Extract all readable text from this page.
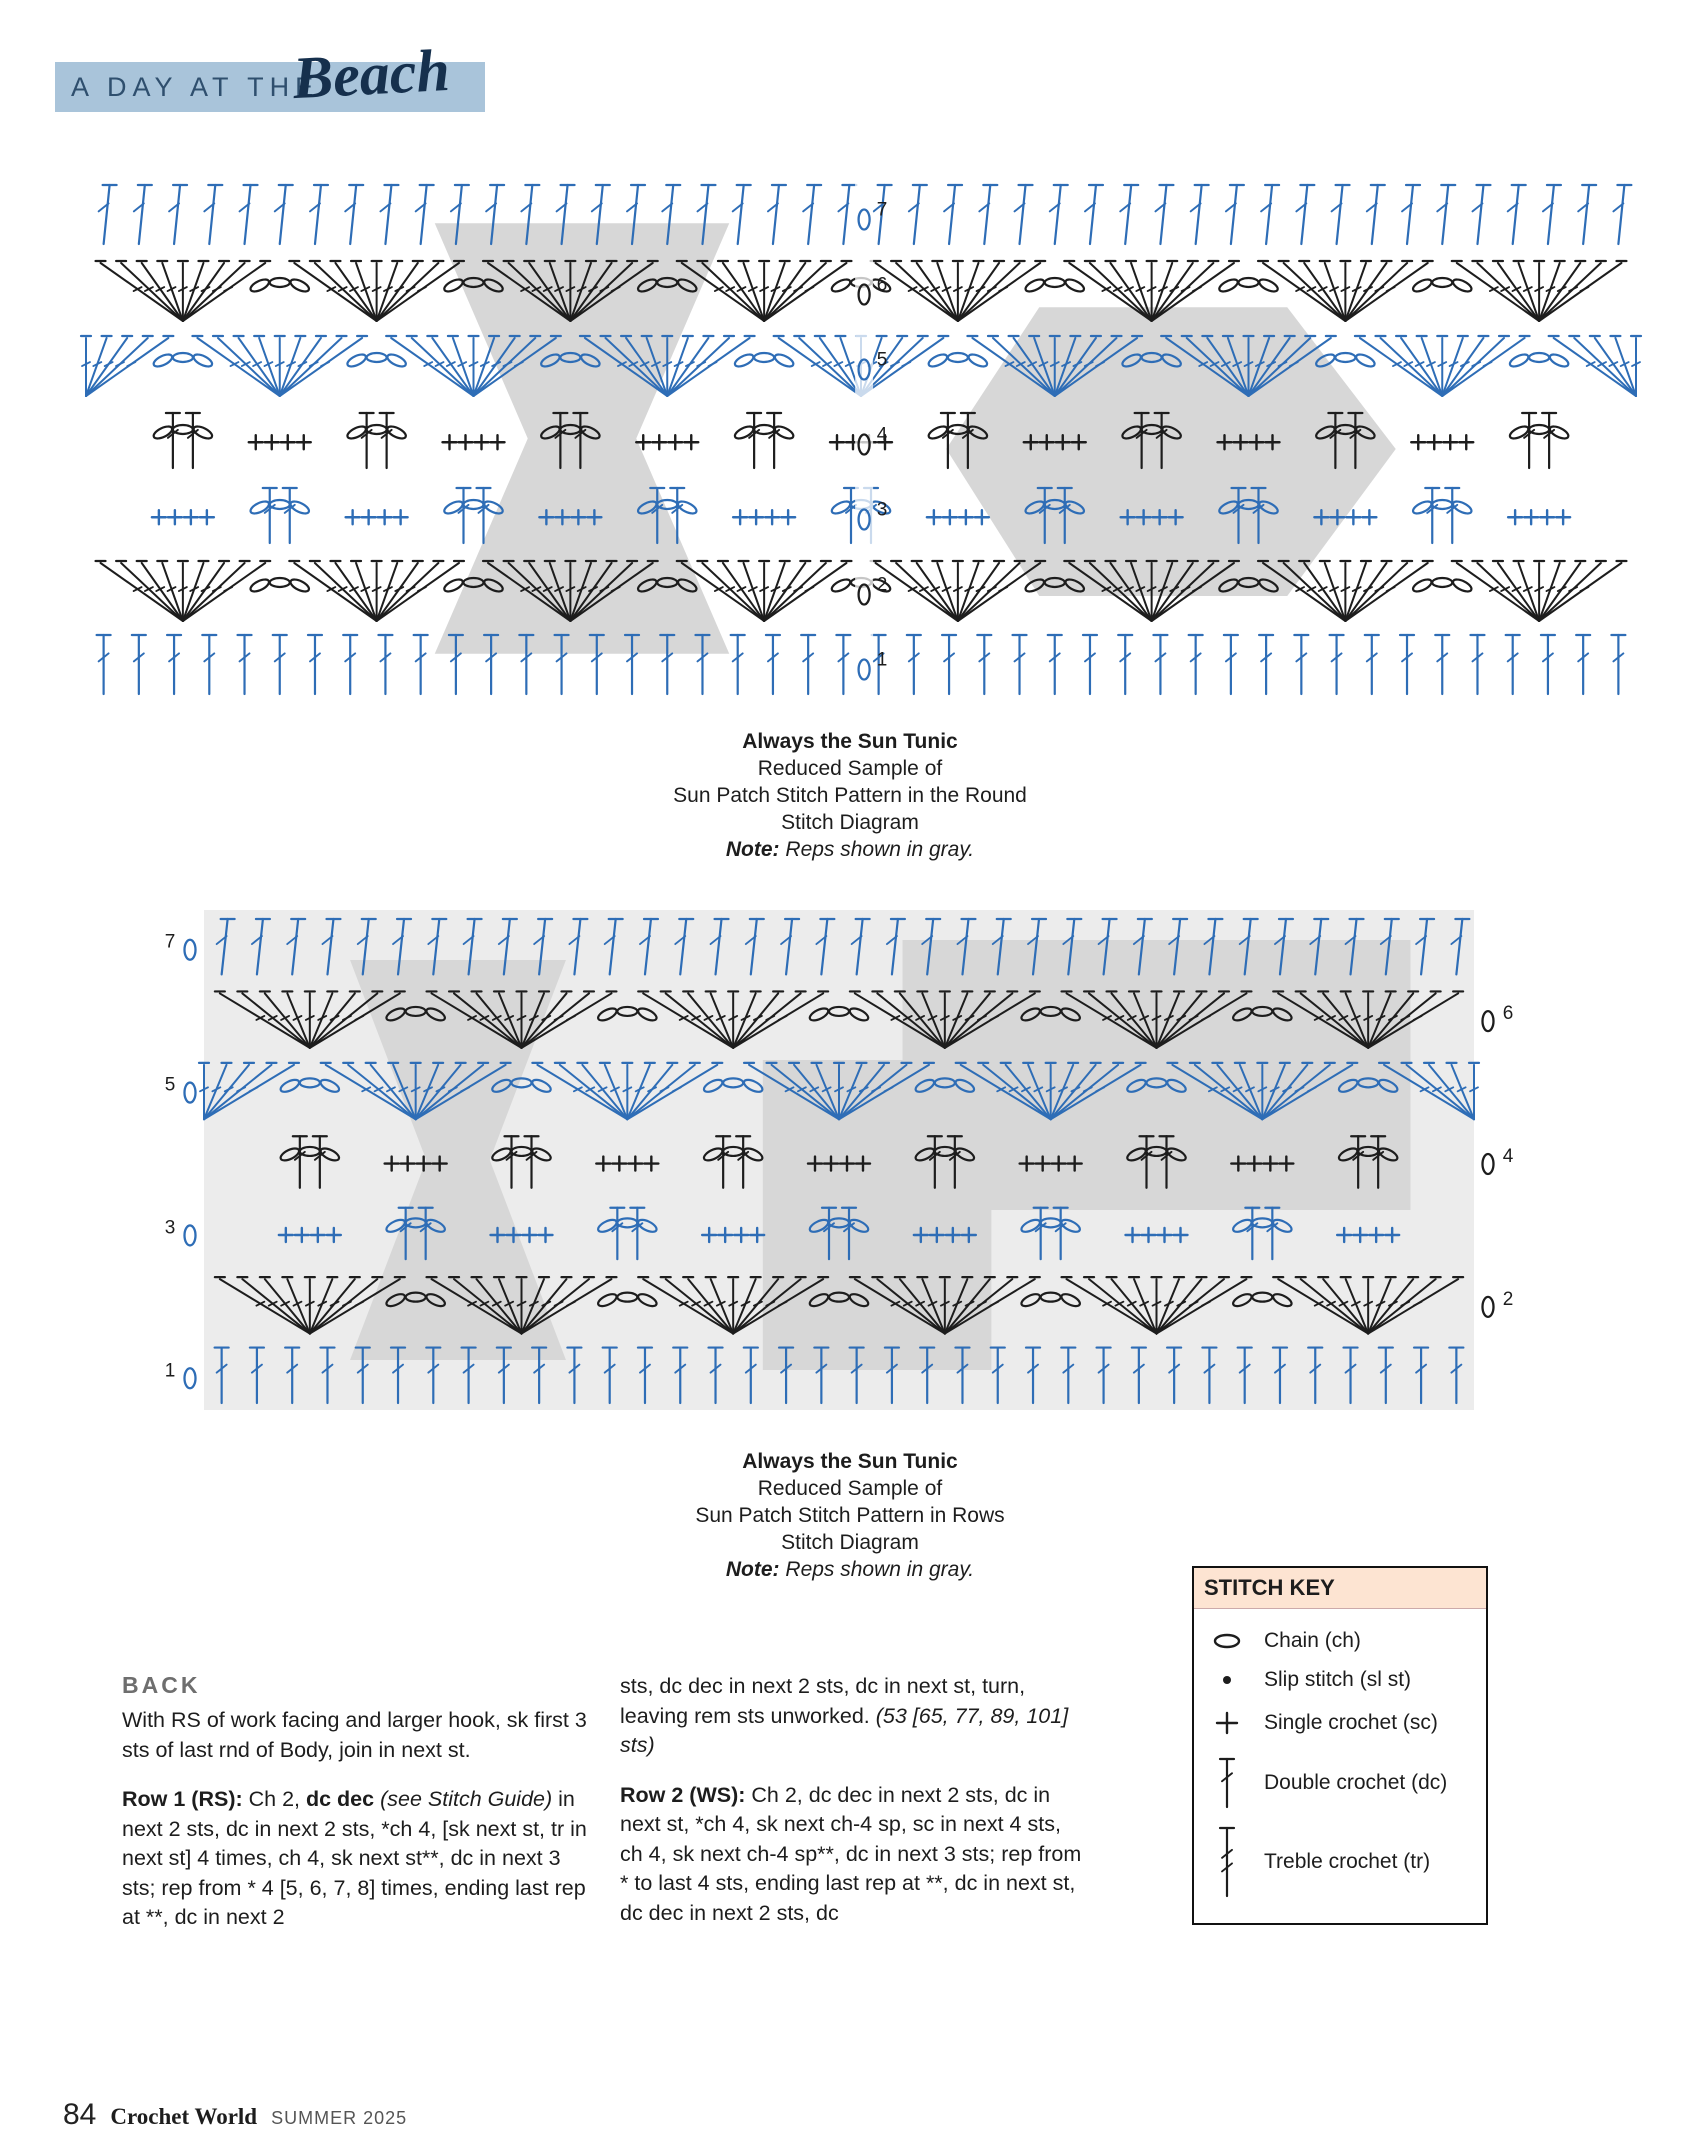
A DAY AT THE
Beach
7
6
5
4
3
2
1
Always the Sun Tunic
Reduced Sample of
Sun Patch Stitch Pattern in the Round
Stitch Diagram
Note: Reps shown in gray.
7
5
3
1
6
4
2
Always the Sun Tunic
Reduced Sample of
Sun Patch Stitch Pattern in Rows
Stitch Diagram
Note: Reps shown in gray.
STITCH KEY
Chain (ch)
Slip stitch (sl st)
Single crochet (sc)
Double crochet (dc)
Treble crochet (tr)
BACK

With RS of work facing and larger hook, sk first 3 sts of last rnd of Body, join in next st.

Row 1 (RS): Ch 2, dc dec (see Stitch Guide) in next 2 sts, dc in next 2 sts, *ch 4, [sk next st, tr in next st] 4 times, ch 4, sk next st**, dc in next 3 sts; rep from * 4 [5, 6, 7, 8] times, ending last rep at **, dc in next 2

sts, dc dec in next 2 sts, dc in next st, turn, leaving rem sts unworked. (53 [65, 77, 89, 101] sts)

Row 2 (WS): Ch 2, dc dec in next 2 sts, dc in next st, *ch 4, sk next ch-4 sp, sc in next 4 sts, ch 4, sk next ch-4 sp**, dc in next 3 sts; rep from * to last 4 sts, ending last rep at **, dc in next st, dc dec in next 2 sts, dc

84 Crochet World SUMMER 2025
